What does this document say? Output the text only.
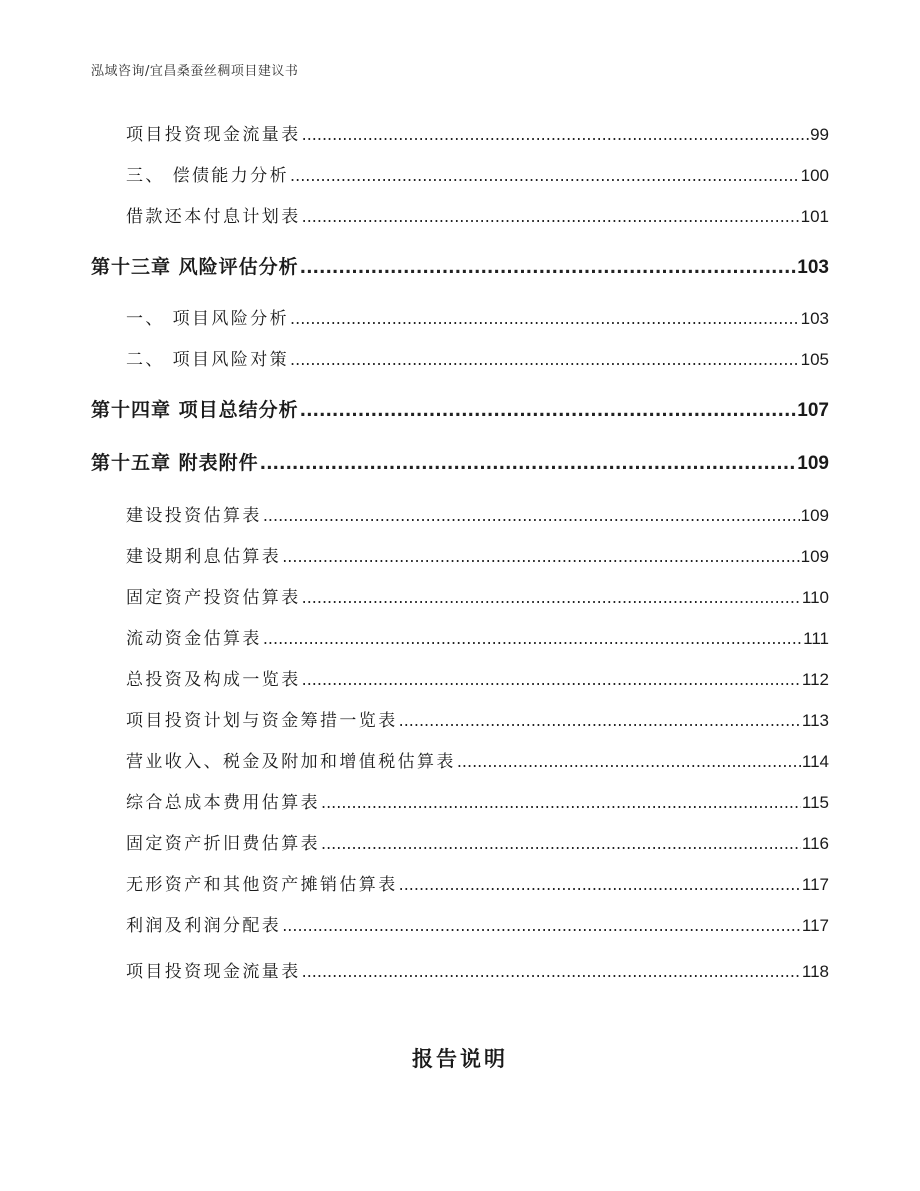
泓域咨询/宜昌桑蚕丝稠项目建议书
项目投资现金流量表 .....	99
三、 偿债能力分析 .....	100
借款还本付息计划表 .....	101
第十三章 风险评估分析 .....	103
一、 项目风险分析 .....	103
二、 项目风险对策 .....	105
第十四章 项目总结分析 .....	107
第十五章 附表附件 .....	109
建设投资估算表 .....	109
建设期利息估算表 .....	109
固定资产投资估算表 .....	110
流动资金估算表 .....	111
总投资及构成一览表 .....	112
项目投资计划与资金筹措一览表 .....	113
营业收入、税金及附加和增值税估算表 .....	114
综合总成本费用估算表 .....	115
固定资产折旧费估算表 .....	116
无形资产和其他资产摊销估算表 .....	117
利润及利润分配表 .....	117
项目投资现金流量表 .....	118
报告说明
